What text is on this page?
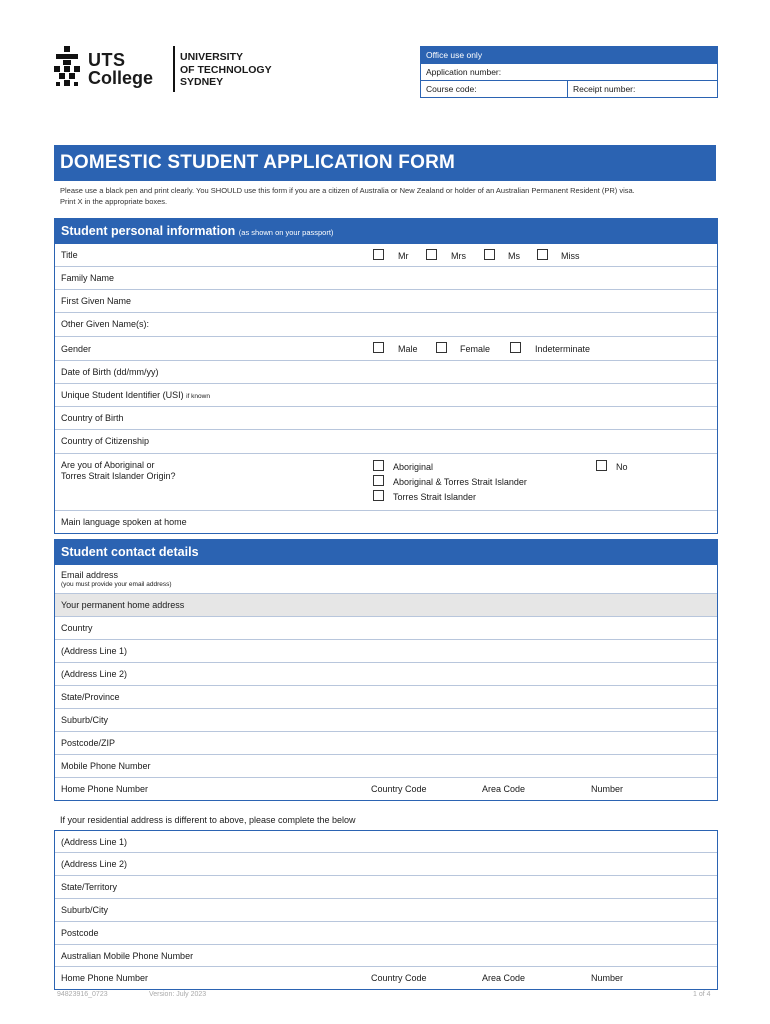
UTS
College
UNIVERSITY
OF TECHNOLOGY
SYDNEY
Office use only
Application number:
Course code:	Receipt number:
DOMESTIC STUDENT APPLICATION FORM
Please use a black pen and print clearly. You SHOULD use this form if you are a citizen of Australia or New Zealand or holder of an Australian Permanent Resident (PR) visa.
Print X in the appropriate boxes.
Student personal information (as shown on your passport)
Title	Mr	Mrs	Ms	Miss
Family Name
First Given Name
Other Given Name(s):
Gender	Male	Female	Indeterminate
Date of Birth (dd/mm/yy)
Unique Student Identifier (USI) if known
Country of Birth
Country of Citizenship
Are you of Aboriginal or
Torres Strait Islander Origin?
Aboriginal
Aboriginal & Torres Strait Islander
Torres Strait Islander
No
Main language spoken at home
Student contact details
Email address
(you must provide your email address)
Your permanent home address
Country
(Address Line 1)
(Address Line 2)
State/Province
Suburb/City
Postcode/ZIP
Mobile Phone Number
Home Phone Number	Country Code	Area Code	Number
If your residential address is different to above, please complete the below
(Address Line 1)
(Address Line 2)
State/Territory
Suburb/City
Postcode
Australian Mobile Phone Number
Home Phone Number	Country Code	Area Code	Number
94823916_0723	Version: July 2023	1 of 4
